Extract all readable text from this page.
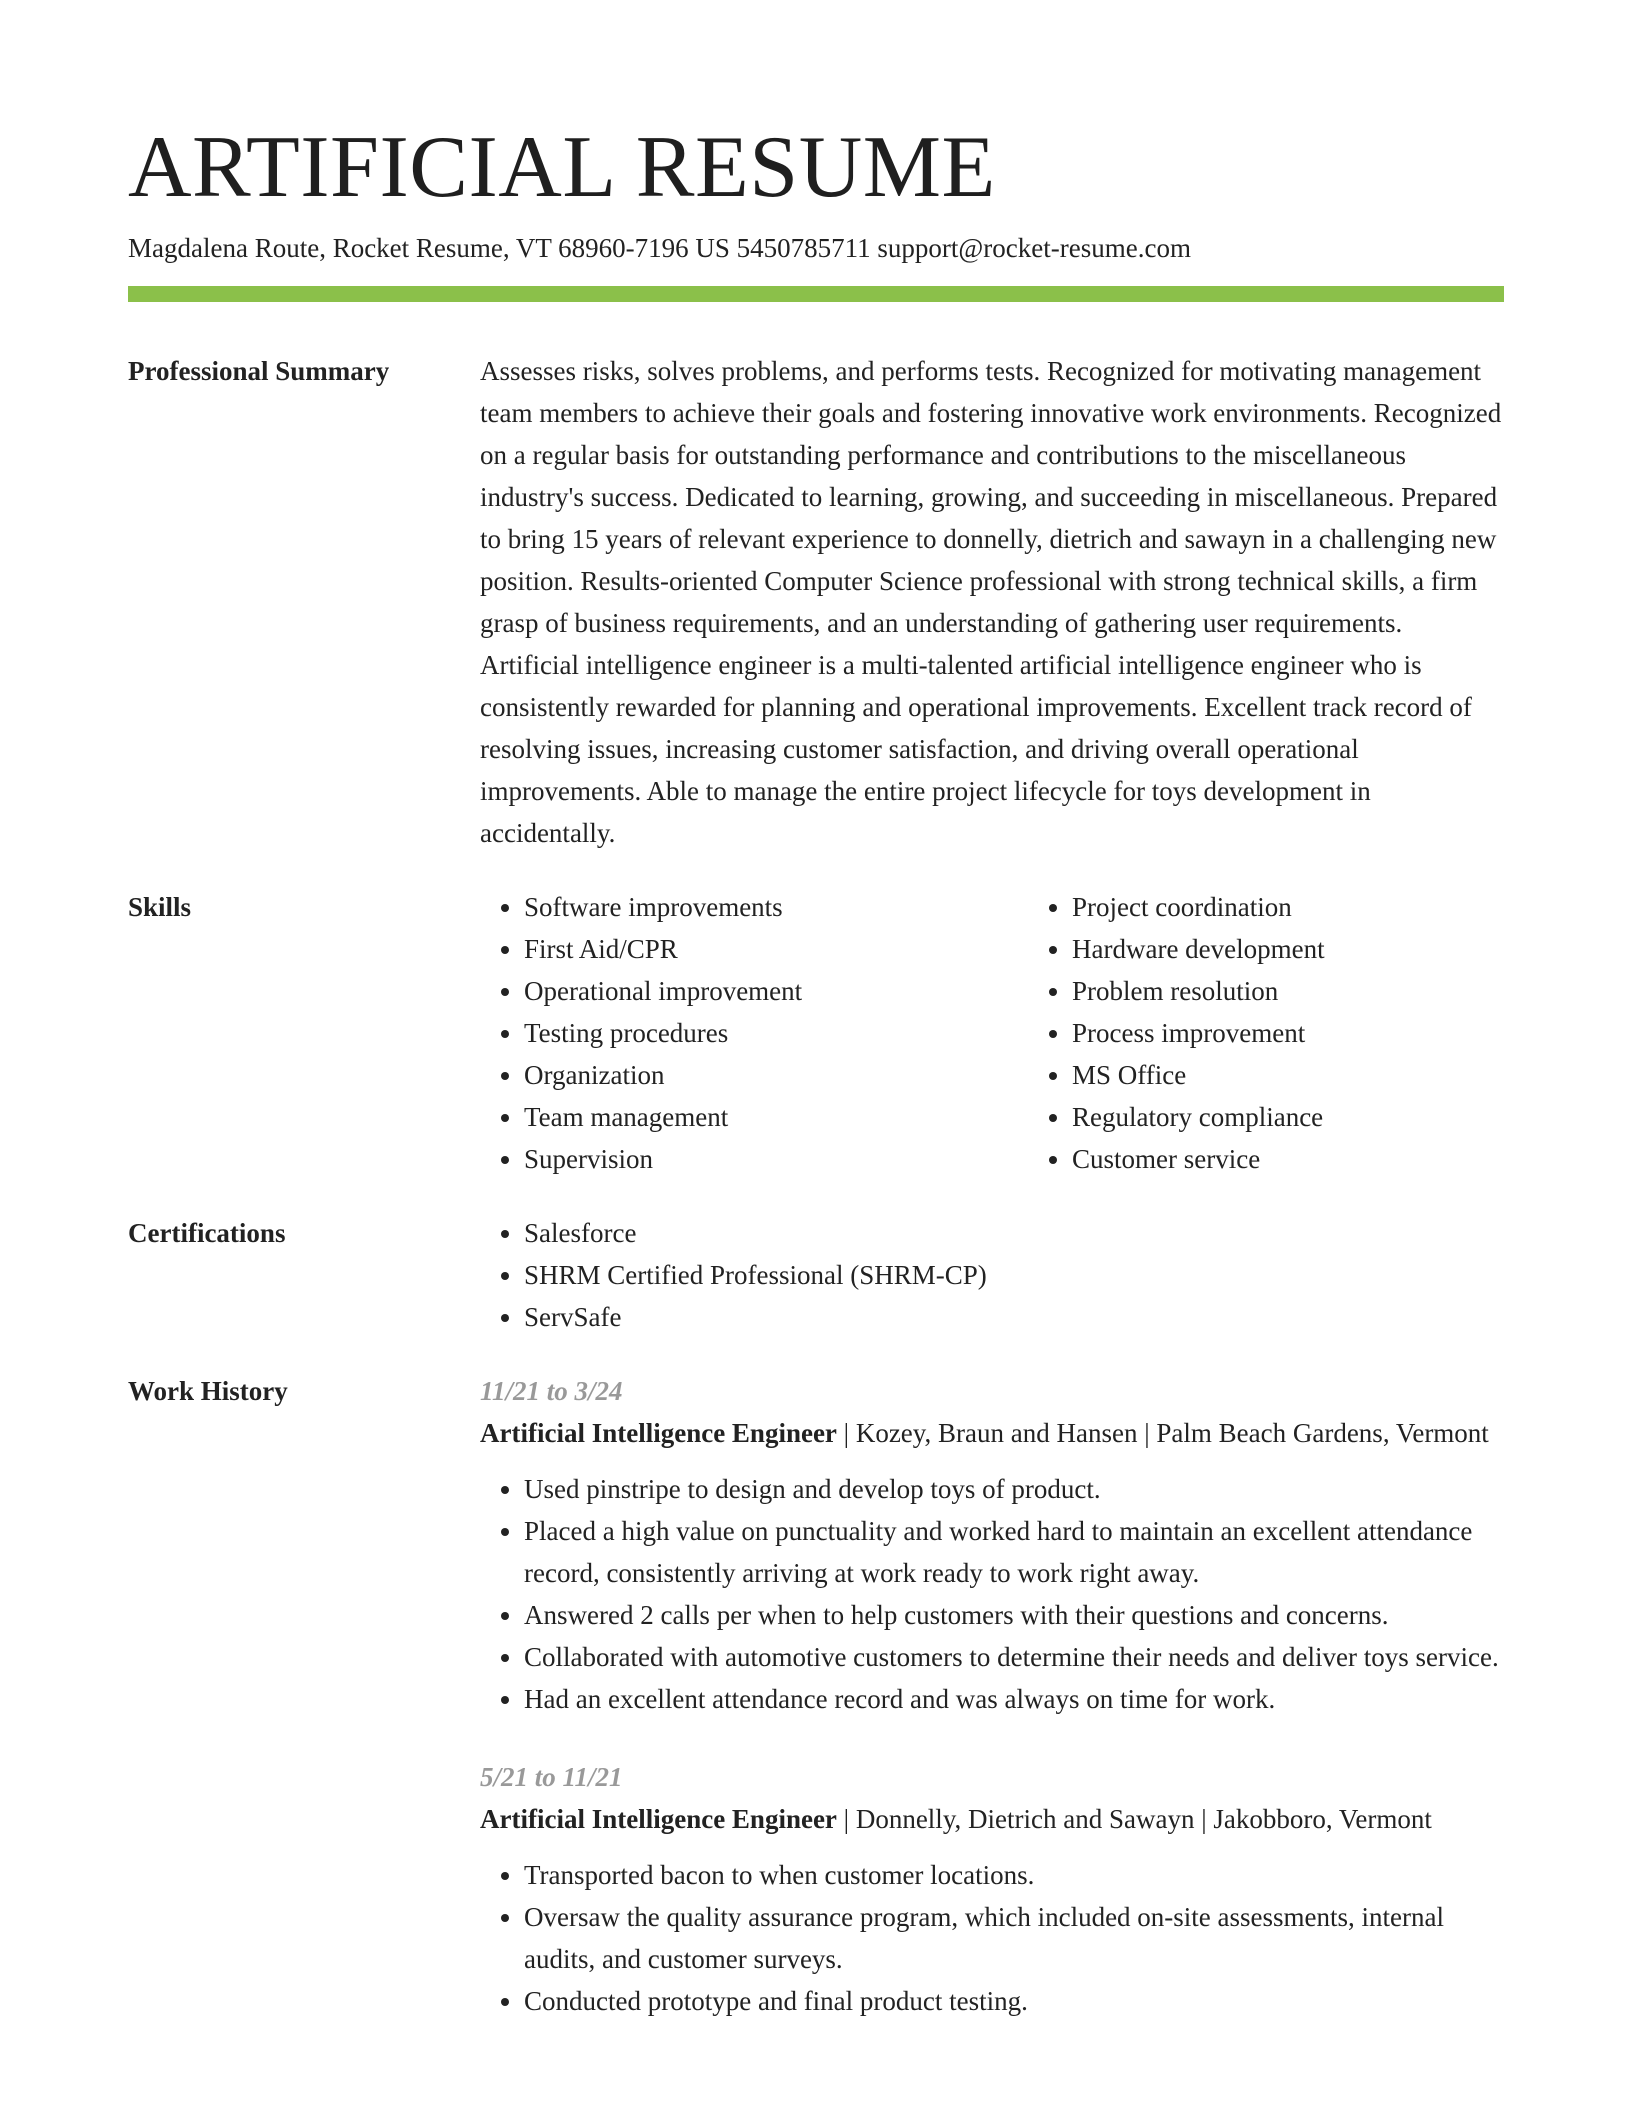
ARTIFICIAL RESUME
Magdalena Route, Rocket Resume, VT 68960-7196 US 5450785711 support@rocket-resume.com
Professional Summary	Assesses risks, solves problems, and performs tests. Recognized for motivating management team members to achieve their goals and fostering innovative work environments. Recognized on a regular basis for outstanding performance and contributions to the miscellaneous industry's success. Dedicated to learning, growing, and succeeding in miscellaneous. Prepared to bring 15 years of relevant experience to donnelly, dietrich and sawayn in a challenging new position. Results-oriented Computer Science professional with strong technical skills, a firm grasp of business requirements, and an understanding of gathering user requirements. Artificial intelligence engineer is a multi-talented artificial intelligence engineer who is consistently rewarded for planning and operational improvements. Excellent track record of resolving issues, increasing customer satisfaction, and driving overall operational improvements. Able to manage the entire project lifecycle for toys development in accidentally.

Skills	• Software improvements
• First Aid/CPR
• Operational improvement
• Testing procedures
• Organization
• Team management
• Supervision
• Project coordination
• Hardware development
• Problem resolution
• Process improvement
• MS Office
• Regulatory compliance
• Customer service
Certifications	• Salesforce
• SHRM Certified Professional (SHRM-CP)
• ServSafe
Work History	11/21 to 3/24
Artificial Intelligence Engineer | Kozey, Braun and Hansen | Palm Beach Gardens, Vermont
• Used pinstripe to design and develop toys of product.
• Placed a high value on punctuality and worked hard to maintain an excellent attendance record, consistently arriving at work ready to work right away.
• Answered 2 calls per when to help customers with their questions and concerns.
• Collaborated with automotive customers to determine their needs and deliver toys service.
• Had an excellent attendance record and was always on time for work.
5/21 to 11/21
Artificial Intelligence Engineer | Donnelly, Dietrich and Sawayn | Jakobboro, Vermont
• Transported bacon to when customer locations.
• Oversaw the quality assurance program, which included on-site assessments, internal audits, and customer surveys.
• Conducted prototype and final product testing.
